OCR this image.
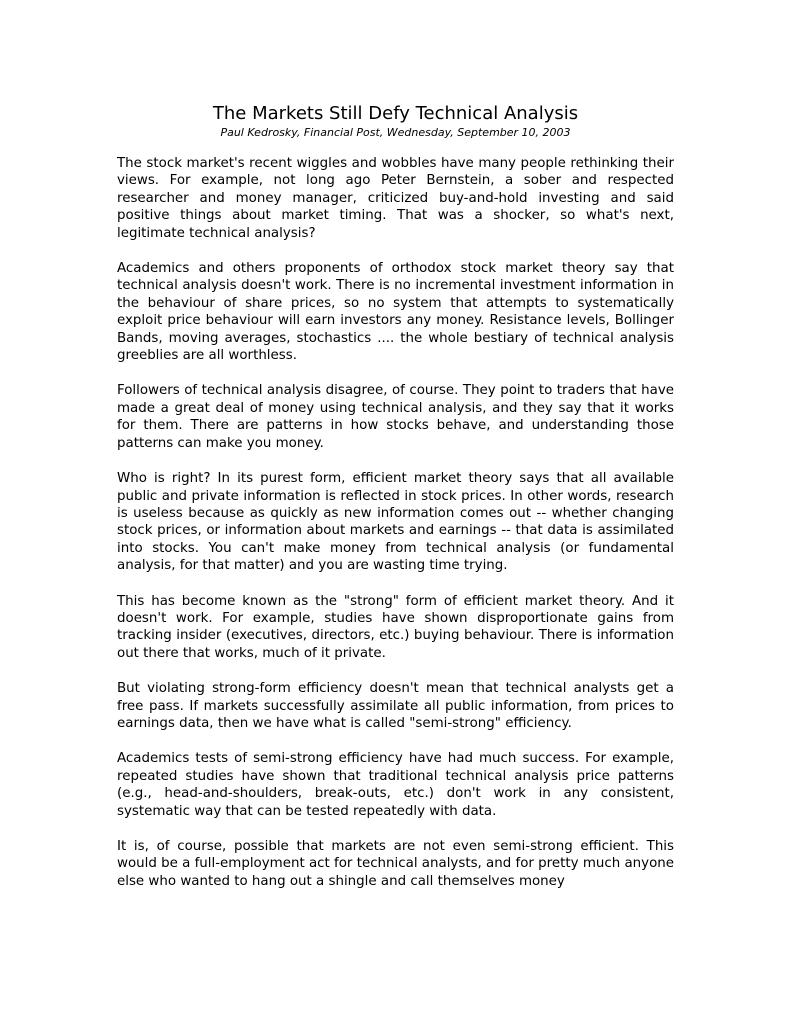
The Markets Still Defy Technical Analysis
Paul Kedrosky, Financial Post, Wednesday, September 10, 2003

The stock market's recent wiggles and wobbles have many people rethinking their views. For example, not long ago Peter Bernstein, a sober and respected researcher and money manager, criticized buy-and-hold investing and said positive things about market timing. That was a shocker, so what's next, legitimate technical analysis?

Academics and others proponents of orthodox stock market theory say that technical analysis doesn't work. There is no incremental investment information in the behaviour of share prices, so no system that attempts to systematically exploit price behaviour will earn investors any money. Resistance levels, Bollinger Bands, moving averages, stochastics .... the whole bestiary of technical analysis greeblies are all worthless.

Followers of technical analysis disagree, of course. They point to traders that have made a great deal of money using technical analysis, and they say that it works for them. There are patterns in how stocks behave, and understanding those patterns can make you money.

Who is right? In its purest form, efficient market theory says that all available public and private information is reflected in stock prices. In other words, research is useless because as quickly as new information comes out -- whether changing stock prices, or information about markets and earnings -- that data is assimilated into stocks. You can't make money from technical analysis (or fundamental analysis, for that matter) and you are wasting time trying.

This has become known as the "strong" form of efficient market theory. And it doesn't work. For example, studies have shown disproportionate gains from tracking insider (executives, directors, etc.) buying behaviour. There is information out there that works, much of it private.

But violating strong-form efficiency doesn't mean that technical analysts get a free pass. If markets successfully assimilate all public information, from prices to earnings data, then we have what is called "semi-strong" efficiency.

Academics tests of semi-strong efficiency have had much success. For example, repeated studies have shown that traditional technical analysis price patterns (e.g., head-and-shoulders, break-outs, etc.) don't work in any consistent, systematic way that can be tested repeatedly with data.

It is, of course, possible that markets are not even semi-strong efficient. This would be a full-employment act for technical analysts, and for pretty much anyone else who wanted to hang out a shingle and call themselves money
